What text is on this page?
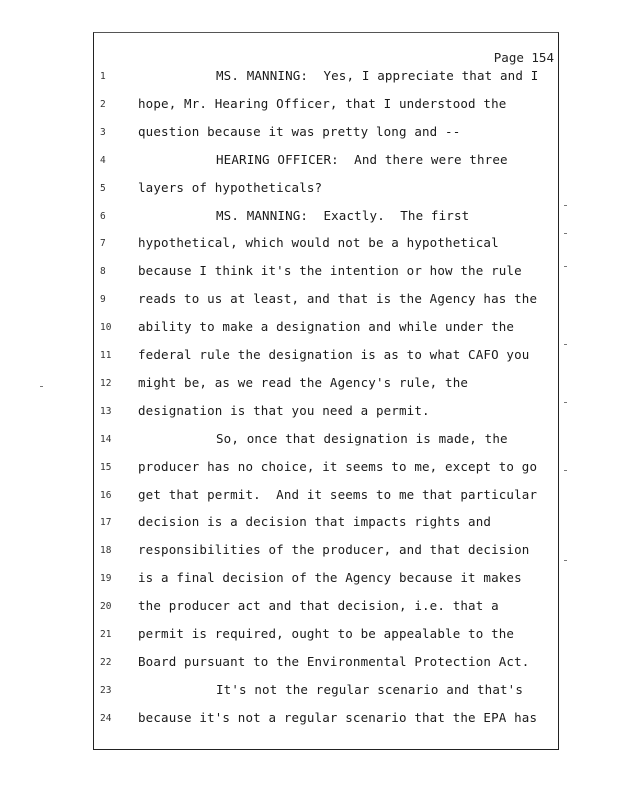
Page 154
1	MS. MANNING:  Yes, I appreciate that and I
2	hope, Mr. Hearing Officer, that I understood the
3	question because it was pretty long and --
4	HEARING OFFICER:  And there were three
5	layers of hypotheticals?
6	MS. MANNING:  Exactly.  The first
7	hypothetical, which would not be a hypothetical
8	because I think it's the intention or how the rule
9	reads to us at least, and that is the Agency has the
10	ability to make a designation and while under the
11	federal rule the designation is as to what CAFO you
12	might be, as we read the Agency's rule, the
13	designation is that you need a permit.
14	So, once that designation is made, the
15	producer has no choice, it seems to me, except to go
16	get that permit.  And it seems to me that particular
17	decision is a decision that impacts rights and
18	responsibilities of the producer, and that decision
19	is a final decision of the Agency because it makes
20	the producer act and that decision, i.e. that a
21	permit is required, ought to be appealable to the
22	Board pursuant to the Environmental Protection Act.
23	It's not the regular scenario and that's
24	because it's not a regular scenario that the EPA has
